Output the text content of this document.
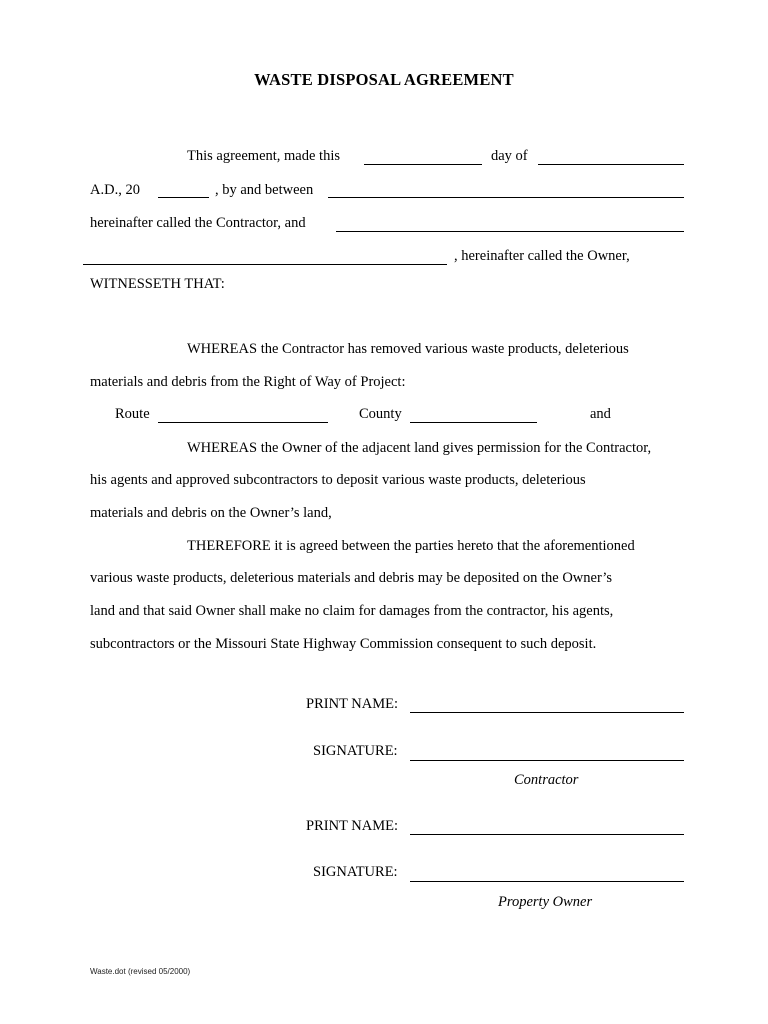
WASTE DISPOSAL AGREEMENT
This agreement, made this	day of
A.D., 20	, by and between
hereinafter called the Contractor, and
, hereinafter called the Owner,
WITNESSETH THAT:
WHEREAS the Contractor has removed various waste products, deleterious
materials and debris from the Right of Way of Project:
Route	County	and
WHEREAS the Owner of the adjacent land gives permission for the Contractor,
his agents and approved subcontractors to deposit various waste products, deleterious
materials and debris on the Owner’s land,
THEREFORE it is agreed between the parties hereto that the aforementioned
various waste products, deleterious materials and debris may be deposited on the Owner’s
land and that said Owner shall make no claim for damages from the contractor, his agents,
subcontractors or the Missouri State Highway Commission consequent to such deposit.
PRINT NAME:
SIGNATURE:
Contractor
PRINT NAME:
SIGNATURE:
Property Owner
Waste.dot (revised 05/2000)
